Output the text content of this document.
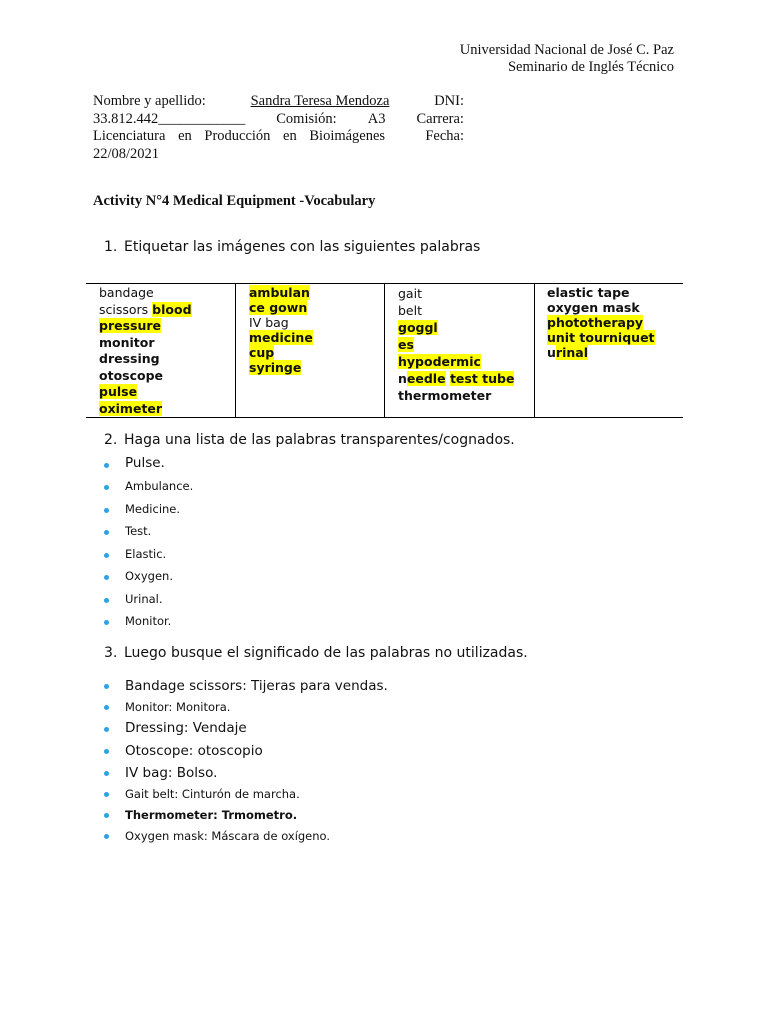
Universidad Nacional de José C. Paz
Seminario de Inglés Técnico
Nombre y apellido:	Sandra Teresa Mendoza	DNI:
33.812.442____________ Comisión: A3 Carrera:
Licenciatura en Producción en Bioimágenes	Fecha:
22/08/2021
Activity N°4 Medical Equipment -Vocabulary
1. Etiquetar las imágenes con las siguientes palabras
bandage
scissors blood
pressure
monitor
dressing
otoscope
pulse
oximeter

ambulan
ce gown
IV bag
medicine
cup
syringe

gait
belt
goggl
es
hypodermic
needle test tube
thermometer

elastic tape
oxygen mask
phototherapy
unit tourniquet
urinal
2. Haga una lista de las palabras transparentes/cognados.
Pulse.
Ambulance.
Medicine.
Test.
Elastic.
Oxygen.
Urinal.
Monitor.
3. Luego busque el significado de las palabras no utilizadas.
Bandage scissors: Tijeras para vendas.
Monitor: Monitora.
Dressing: Vendaje
Otoscope: otoscopio
IV bag: Bolso.
Gait belt: Cinturón de marcha.
Thermometer: Trmometro.
Oxygen mask: Máscara de oxígeno.
